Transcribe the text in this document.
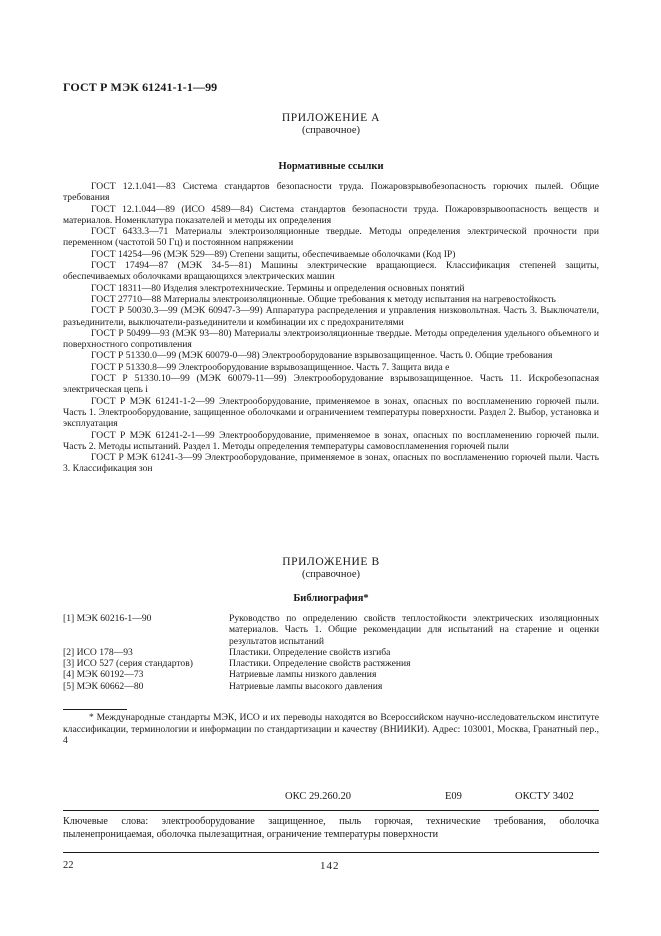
ГОСТ Р МЭК 61241-1-1—99
ПРИЛОЖЕНИЕ А
(справочное)
Нормативные ссылки

ГОСТ 12.1.041—83 Система стандартов безопасности труда. Пожаровзрывобезопасность горючих пылей. Общие требования

ГОСТ 12.1.044—89 (ИСО 4589—84) Система стандартов безопасности труда. Пожаровзрывоопасность веществ и материалов. Номенклатура показателей и методы их определения

ГОСТ 6433.3—71 Материалы электроизоляционные твердые. Методы определения электрической прочности при переменном (частотой 50 Гц) и постоянном напряжении

ГОСТ 14254—96 (МЭК 529—89) Степени защиты, обеспечиваемые оболочками (Код IP)

ГОСТ 17494—87 (МЭК 34-5—81) Машины электрические вращающиеся. Классификация степеней защиты, обеспечиваемых оболочками вращающихся электрических машин

ГОСТ 18311—80 Изделия электротехнические. Термины и определения основных понятий

ГОСТ 27710—88 Материалы электроизоляционные. Общие требования к методу испытания на нагревостойкость

ГОСТ Р 50030.3—99 (МЭК 60947-3—99) Аппаратура распределения и управления низковольтная. Часть 3. Выключатели, разъединители, выключатели-разъединители и комбинации их с предохранителями

ГОСТ Р 50499—93 (МЭК 93—80) Материалы электроизоляционные твердые. Методы определения удельного объемного и поверхностного сопротивления

ГОСТ Р 51330.0—99 (МЭК 60079-0—98) Электрооборудование взрывозащищенное. Часть 0. Общие требования

ГОСТ Р 51330.8—99 Электрооборудование взрывозащищенное. Часть 7. Защита вида e

ГОСТ Р 51330.10—99 (МЭК 60079-11—99) Электрооборудование взрывозащищенное. Часть 11. Искробезопасная электрическая цепь i

ГОСТ Р МЭК 61241-1-2—99 Электрооборудование, применяемое в зонах, опасных по воспламенению горючей пыли. Часть 1. Электрооборудование, защищенное оболочками и ограничением температуры поверхности. Раздел 2. Выбор, установка и эксплуатация

ГОСТ Р МЭК 61241-2-1—99 Электрооборудование, применяемое в зонах, опасных по воспламенению горючей пыли. Часть 2. Методы испытаний. Раздел 1. Методы определения температуры самовоспламенения горючей пыли

ГОСТ Р МЭК 61241-3—99 Электрооборудование, применяемое в зонах, опасных по воспламенению горючей пыли. Часть 3. Классификация зон

ПРИЛОЖЕНИЕ В
(справочное)
Библиография*
[1] МЭК 60216-1—90	Руководство по определению свойств теплостойкости электрических изоляционных материалов. Часть 1. Общие рекомендации для испытаний на старение и оценки результатов испытаний
[2] ИСО 178—93	Пластики. Определение свойств изгиба
[3] ИСО 527 (серия стандартов)	Пластики. Определение свойств растяжения
[4] МЭК 60192—73	Натриевые лампы низкого давления
[5] МЭК 60662—80	Натриевые лампы высокого давления

* Международные стандарты МЭК, ИСО и их переводы находятся во Всероссийском научно-исследовательском институте классификации, терминологии и информации по стандартизации и качеству (ВНИИКИ). Адрес: 103001, Москва, Гранатный пер., 4

ОКС 29.260.20	Е09	ОКСТУ 3402
Ключевые слова: электрооборудование защищенное, пыль горючая, технические требования, оболочка пыленепроницаемая, оболочка пылезащитная, ограничение температуры поверхности
22	142
